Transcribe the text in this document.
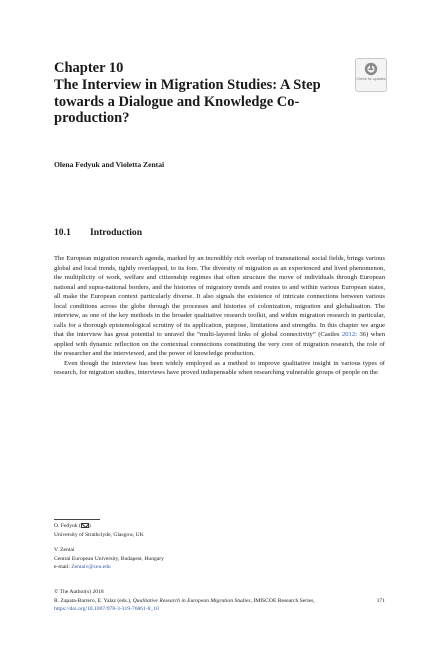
Chapter 10
The Interview in Migration Studies: A Step towards a Dialogue and Knowledge Co-production?
Check for updates
Olena Fedyuk and Violetta Zentai
10.1 Introduction

The European migration research agenda, marked by an incredibly rich overlap of transnational social fields, brings various global and local trends, tightly overlapped, to its fore. The diversity of migration as an experienced and lived phenomenon, the multiplicity of work, welfare and citizenship regimes that often structure the move of individuals through European national and supra-national borders, and the histories of migratory trends and routes to and within various European states, all make the European context particularly diverse. It also signals the existence of intricate connections between various local conditions across the globe through the processes and histories of colonization, migration and globalisation. The interview, as one of the key methods in the broader qualitative research toolkit, and within migration research in particular, calls for a thorough epistemological scrutiny of its application, purpose, limitations and strengths. In this chapter we argue that the interview has great potential to unravel the “multi-layered links of global connectivity” (Castles 2012: 36) when applied with dynamic reflection on the contextual connections constituting the very core of migration research, the role of the researcher and the interviewed, and the power of knowledge production.

Even though the interview has been widely employed as a method to improve qualitative insight in various types of research, for migration studies, interviews have proved indispensable when researching vulnerable groups of people on the

O. Fedyuk ( )
University of Strathclyde, Glasgow, UK
V. Zentai
Central European University, Budapest, Hungary
e-mail: Zentaiv@ceu.edu
© The Author(s) 2018
R. Zapata-Barrero, E. Yalaz (eds.), Qualitative Research in European Migration Studies, IMISCOE Research Series,	171
https://doi.org/10.1007/978-3-319-76861-8_10
